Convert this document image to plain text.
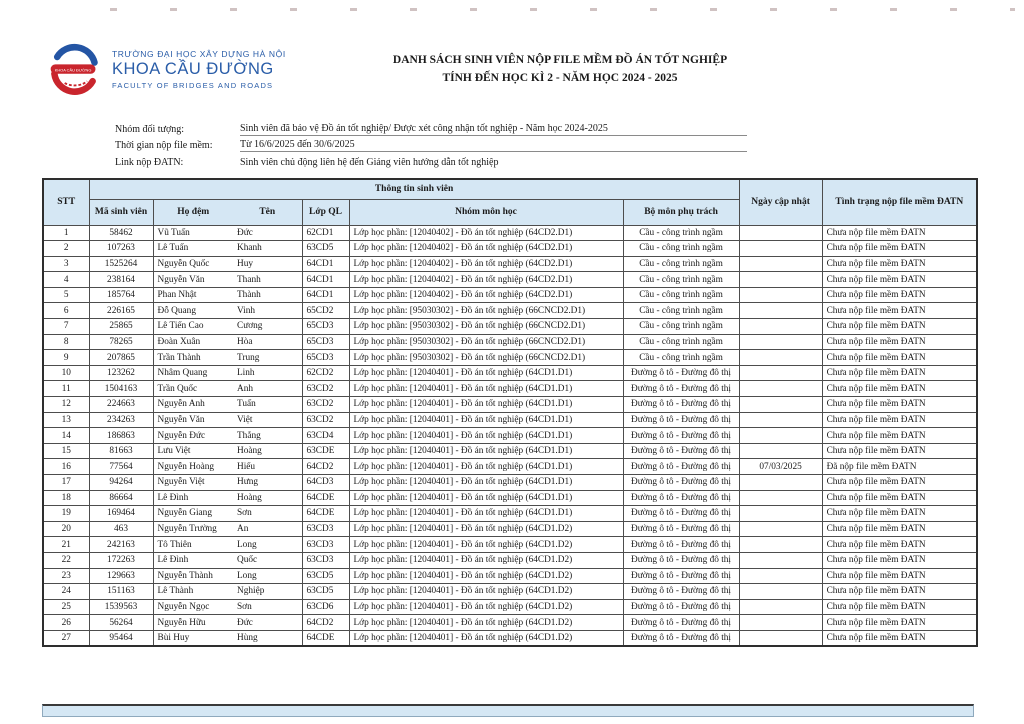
KHOA CẦU ĐƯỜNG
TRƯỜNG ĐẠI HỌC XÂY DỰNG HÀ NỘI
KHOA CẦU ĐƯỜNG
FACULTY OF BRIDGES AND ROADS
DANH SÁCH SINH VIÊN NỘP FILE MỀM ĐỒ ÁN TỐT NGHIỆP
TÍNH ĐẾN HỌC KÌ 2 - NĂM HỌC 2024 - 2025
Nhóm đối tượng:	Sinh viên đã bảo vệ Đồ án tốt nghiệp/ Được xét công nhận tốt nghiệp - Năm học 2024-2025
Thời gian nộp file mềm:	Từ 16/6/2025 đến 30/6/2025
Link nộp ĐATN:	Sinh viên chủ động liên hệ đến Giảng viên hướng dẫn tốt nghiệp
STT	Thông tin sinh viên						Ngày cập nhật	Tình trạng nộp file mềm ĐATN
	Mã sinh viên	Họ đệm	Tên	Lớp QL	Nhóm môn học	Bộ môn phụ trách		
1	58462	Vũ Tuấn	Đức	62CD1	Lớp học phần: [12040402] - Đồ án tốt nghiệp (64CD2.D1)	Cầu - công trình ngầm		Chưa nộp file mềm ĐATN
2	107263	Lê Tuấn	Khanh	63CD5	Lớp học phần: [12040402] - Đồ án tốt nghiệp (64CD2.D1)	Cầu - công trình ngầm		Chưa nộp file mềm ĐATN
3	1525264	Nguyễn Quốc	Huy	64CD1	Lớp học phần: [12040402] - Đồ án tốt nghiệp (64CD2.D1)	Cầu - công trình ngầm		Chưa nộp file mềm ĐATN
4	238164	Nguyễn Văn	Thanh	64CD1	Lớp học phần: [12040402] - Đồ án tốt nghiệp (64CD2.D1)	Cầu - công trình ngầm		Chưa nộp file mềm ĐATN
5	185764	Phan Nhật	Thành	64CD1	Lớp học phần: [12040402] - Đồ án tốt nghiệp (64CD2.D1)	Cầu - công trình ngầm		Chưa nộp file mềm ĐATN
6	226165	Đỗ Quang	Vinh	65CD2	Lớp học phần: [95030302] - Đồ án tốt nghiệp (66CNCD2.D1)	Cầu - công trình ngầm		Chưa nộp file mềm ĐATN
7	25865	Lê Tiến Cao	Cương	65CD3	Lớp học phần: [95030302] - Đồ án tốt nghiệp (66CNCD2.D1)	Cầu - công trình ngầm		Chưa nộp file mềm ĐATN
8	78265	Đoàn Xuân	Hòa	65CD3	Lớp học phần: [95030302] - Đồ án tốt nghiệp (66CNCD2.D1)	Cầu - công trình ngầm		Chưa nộp file mềm ĐATN
9	207865	Trần Thành	Trung	65CD3	Lớp học phần: [95030302] - Đồ án tốt nghiệp (66CNCD2.D1)	Cầu - công trình ngầm		Chưa nộp file mềm ĐATN
10	123262	Nhâm Quang	Linh	62CD2	Lớp học phần: [12040401] - Đồ án tốt nghiệp (64CD1.D1)	Đường ô tô - Đường đô thị		Chưa nộp file mềm ĐATN
11	1504163	Trần Quốc	Anh	63CD2	Lớp học phần: [12040401] - Đồ án tốt nghiệp (64CD1.D1)	Đường ô tô - Đường đô thị		Chưa nộp file mềm ĐATN
12	224663	Nguyễn Anh	Tuấn	63CD2	Lớp học phần: [12040401] - Đồ án tốt nghiệp (64CD1.D1)	Đường ô tô - Đường đô thị		Chưa nộp file mềm ĐATN
13	234263	Nguyễn Văn	Việt	63CD2	Lớp học phần: [12040401] - Đồ án tốt nghiệp (64CD1.D1)	Đường ô tô - Đường đô thị		Chưa nộp file mềm ĐATN
14	186863	Nguyễn Đức	Thắng	63CD4	Lớp học phần: [12040401] - Đồ án tốt nghiệp (64CD1.D1)	Đường ô tô - Đường đô thị		Chưa nộp file mềm ĐATN
15	81663	Lưu Việt	Hoàng	63CDE	Lớp học phần: [12040401] - Đồ án tốt nghiệp (64CD1.D1)	Đường ô tô - Đường đô thị		Chưa nộp file mềm ĐATN
16	77564	Nguyễn Hoàng	Hiếu	64CD2	Lớp học phần: [12040401] - Đồ án tốt nghiệp (64CD1.D1)	Đường ô tô - Đường đô thị	07/03/2025	Đã nộp file mềm ĐATN
17	94264	Nguyễn Việt	Hưng	64CD3	Lớp học phần: [12040401] - Đồ án tốt nghiệp (64CD1.D1)	Đường ô tô - Đường đô thị		Chưa nộp file mềm ĐATN
18	86664	Lê Đình	Hoàng	64CDE	Lớp học phần: [12040401] - Đồ án tốt nghiệp (64CD1.D1)	Đường ô tô - Đường đô thị		Chưa nộp file mềm ĐATN
19	169464	Nguyễn Giang	Sơn	64CDE	Lớp học phần: [12040401] - Đồ án tốt nghiệp (64CD1.D1)	Đường ô tô - Đường đô thị		Chưa nộp file mềm ĐATN
20	463	Nguyễn Trường	An	63CD3	Lớp học phần: [12040401] - Đồ án tốt nghiệp (64CD1.D2)	Đường ô tô - Đường đô thị		Chưa nộp file mềm ĐATN
21	242163	Tô Thiên	Long	63CD3	Lớp học phần: [12040401] - Đồ án tốt nghiệp (64CD1.D2)	Đường ô tô - Đường đô thị		Chưa nộp file mềm ĐATN
22	172263	Lê Đình	Quốc	63CD3	Lớp học phần: [12040401] - Đồ án tốt nghiệp (64CD1.D2)	Đường ô tô - Đường đô thị		Chưa nộp file mềm ĐATN
23	129663	Nguyễn Thành	Long	63CD5	Lớp học phần: [12040401] - Đồ án tốt nghiệp (64CD1.D2)	Đường ô tô - Đường đô thị		Chưa nộp file mềm ĐATN
24	151163	Lê Thành	Nghiệp	63CD5	Lớp học phần: [12040401] - Đồ án tốt nghiệp (64CD1.D2)	Đường ô tô - Đường đô thị		Chưa nộp file mềm ĐATN
25	1539563	Nguyễn Ngọc	Sơn	63CD6	Lớp học phần: [12040401] - Đồ án tốt nghiệp (64CD1.D2)	Đường ô tô - Đường đô thị		Chưa nộp file mềm ĐATN
26	56264	Nguyễn Hữu	Đức	64CD2	Lớp học phần: [12040401] - Đồ án tốt nghiệp (64CD1.D2)	Đường ô tô - Đường đô thị		Chưa nộp file mềm ĐATN
27	95464	Bùi Huy	Hùng	64CDE	Lớp học phần: [12040401] - Đồ án tốt nghiệp (64CD1.D2)	Đường ô tô - Đường đô thị		Chưa nộp file mềm ĐATN
